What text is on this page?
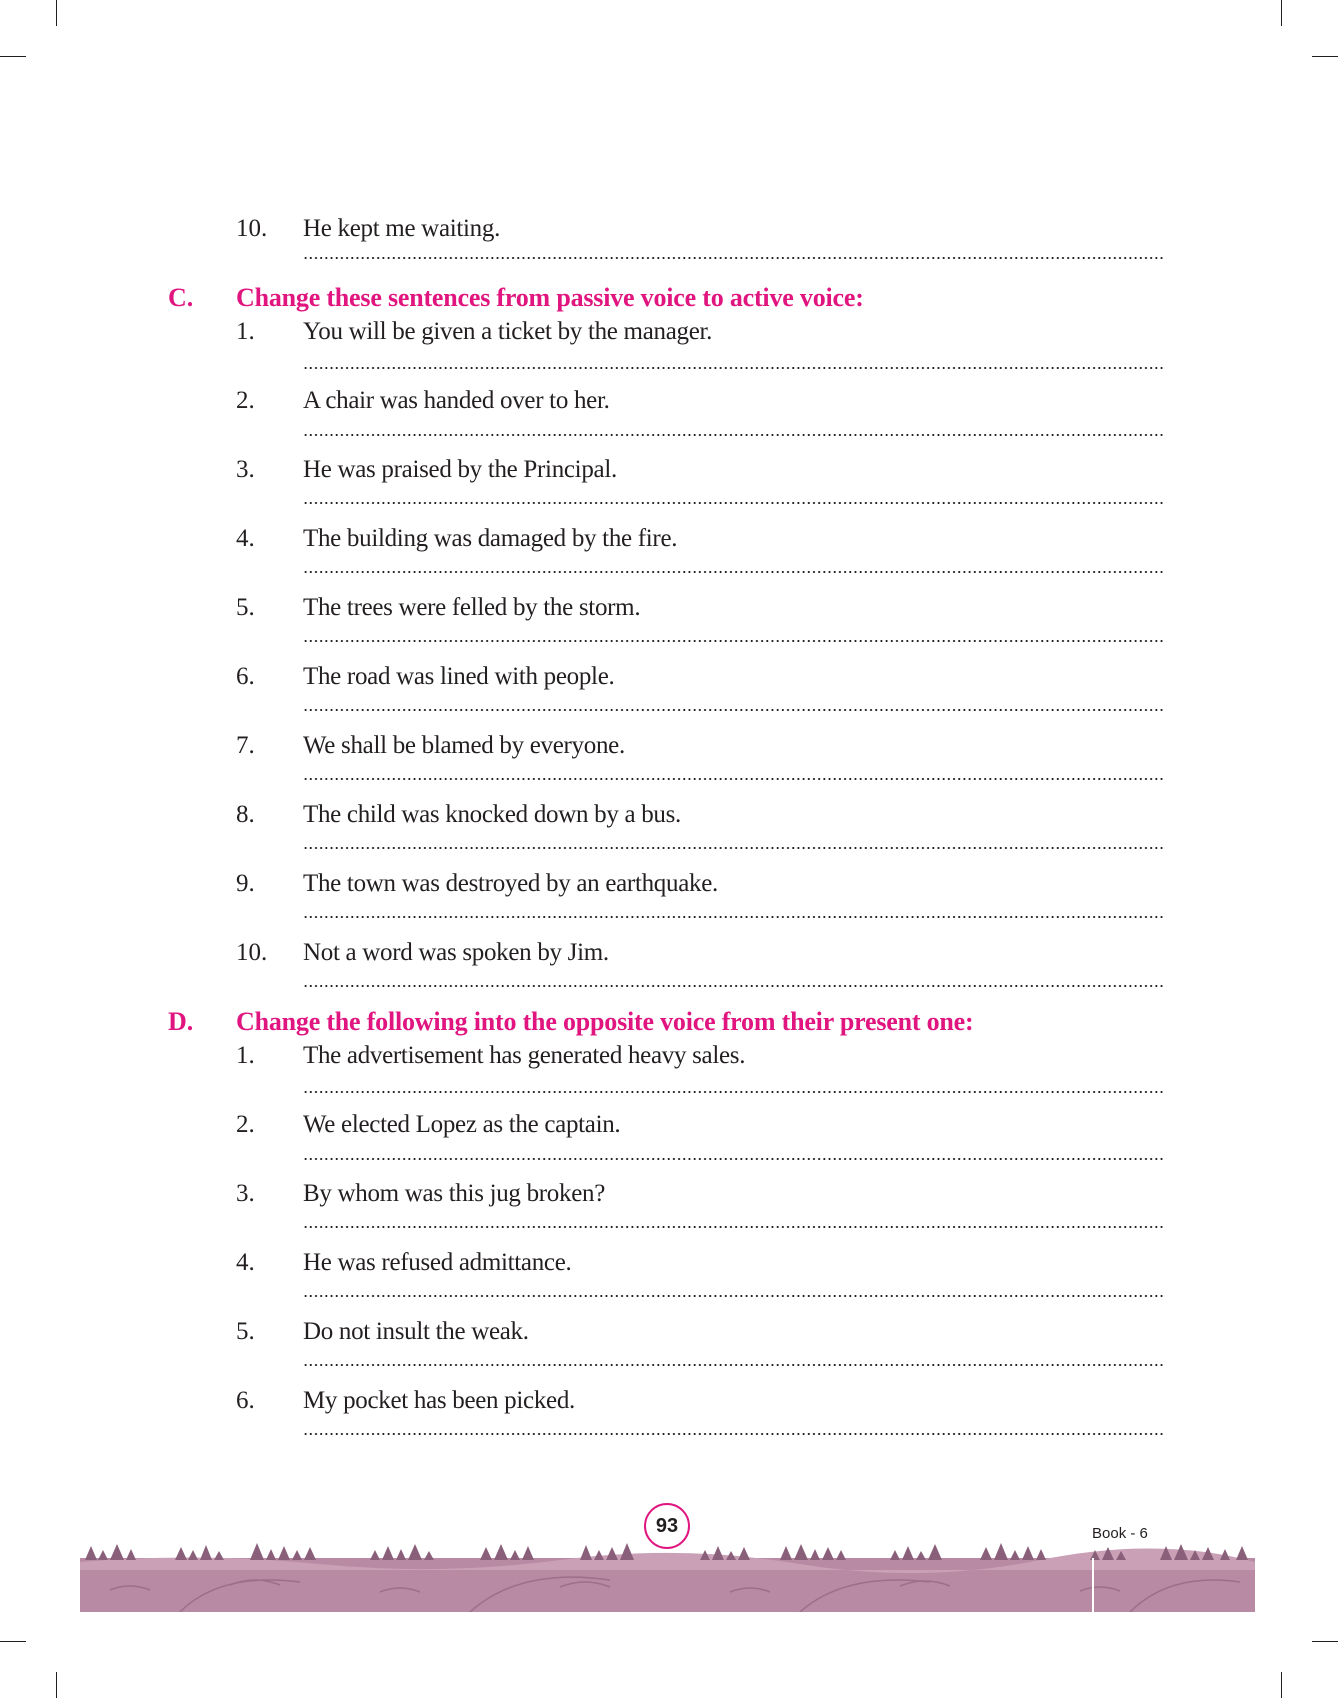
10. He kept me waiting.
C. Change these sentences from passive voice to active voice:
1. You will be given a ticket by the manager.
2. A chair was handed over to her.
3. He was praised by the Principal.
4. The building was damaged by the fire.
5. The trees were felled by the storm.
6. The road was lined with people.
7. We shall be blamed by everyone.
8. The child was knocked down by a bus.
9. The town was destroyed by an earthquake.
10. Not a word was spoken by Jim.
D. Change the following into the opposite voice from their present one:
1. The advertisement has generated heavy sales.
2. We elected Lopez as the captain.
3. By whom was this jug broken?
4. He was refused admittance.
5. Do not insult the weak.
6. My pocket has been picked.
93	Book - 6
